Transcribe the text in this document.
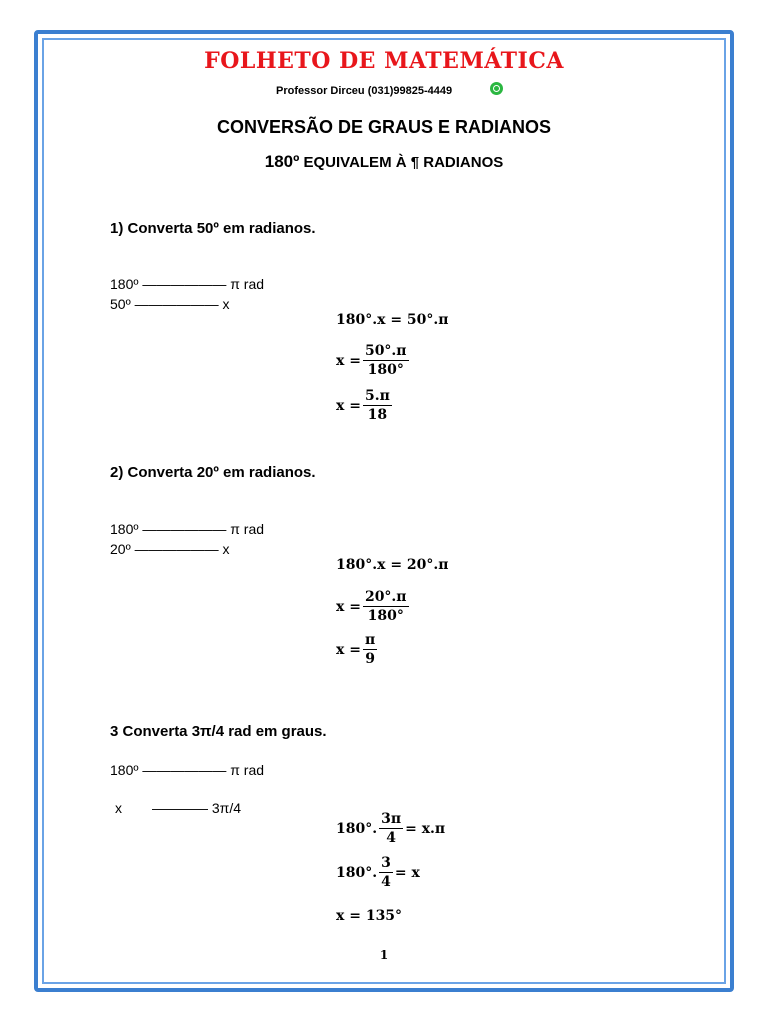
FOLHETO DE MATEMÁTICA
Professor Dirceu (031)99825-4449
CONVERSÃO DE GRAUS E RADIANOS
180º EQUIVALEM À ¶ RADIANOS
1) Converta 50º em radianos.
180º —————— π rad
50º —————— x
180°.x = 50°.π
$x = \frac{50^\circ.\pi}{180^\circ}$
$x = \frac{5.\pi}{18}$
2) Converta 20º em radianos.
180º —————— π rad
20º —————— x
180°.x = 20°.π
$x = \frac{20^\circ.\pi}{180^\circ}$
$x = \frac{\pi}{9}$
3 Converta 3π/4 rad em graus.
180º —————— π rad
x ———— 3π/4
180°. $\frac{3\pi}{4} = x.\pi$
180°. $\frac{3}{4} = x$
x = 135°
1
